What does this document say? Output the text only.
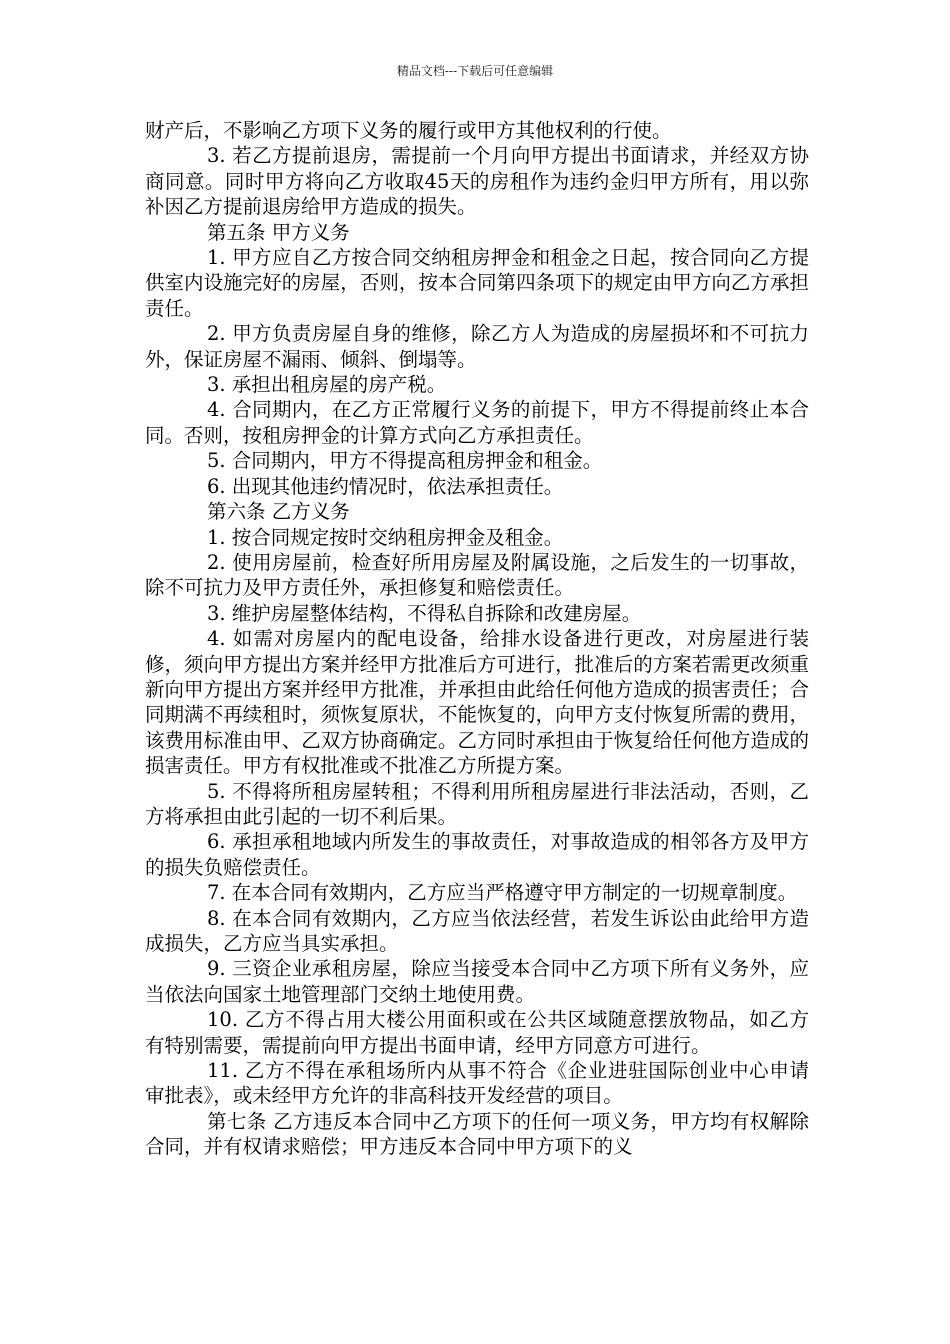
精品文档---下载后可任意编辑

财产后，不影响乙方项下义务的履行或甲方其他权利的行使。

3. 若乙方提前退房，需提前一个月向甲方提出书面请求，并经双方协商同意。同时甲方将向乙方收取45天的房租作为违约金归甲方所有，用以弥补因乙方提前退房给甲方造成的损失。

第五条 甲方义务

1. 甲方应自乙方按合同交纳租房押金和租金之日起，按合同向乙方提供室内设施完好的房屋，否则，按本合同第四条项下的规定由甲方向乙方承担责任。

2. 甲方负责房屋自身的维修，除乙方人为造成的房屋损坏和不可抗力外，保证房屋不漏雨、倾斜、倒塌等。

3. 承担出租房屋的房产税。

4. 合同期内，在乙方正常履行义务的前提下，甲方不得提前终止本合同。否则，按租房押金的计算方式向乙方承担责任。

5. 合同期内，甲方不得提高租房押金和租金。

6. 出现其他违约情况时，依法承担责任。

第六条 乙方义务

1. 按合同规定按时交纳租房押金及租金。

2. 使用房屋前，检查好所用房屋及附属设施，之后发生的一切事故，除不可抗力及甲方责任外，承担修复和赔偿责任。

3. 维护房屋整体结构，不得私自拆除和改建房屋。

4. 如需对房屋内的配电设备，给排水设备进行更改，对房屋进行装修，须向甲方提出方案并经甲方批准后方可进行，批准后的方案若需更改须重新向甲方提出方案并经甲方批准，并承担由此给任何他方造成的损害责任；合同期满不再续租时，须恢复原状，不能恢复的，向甲方支付恢复所需的费用，该费用标准由甲、乙双方协商确定。乙方同时承担由于恢复给任何他方造成的损害责任。甲方有权批准或不批准乙方所提方案。

5. 不得将所租房屋转租；不得利用所租房屋进行非法活动，否则，乙方将承担由此引起的一切不利后果。

6. 承担承租地域内所发生的事故责任，对事故造成的相邻各方及甲方的损失负赔偿责任。

7. 在本合同有效期内，乙方应当严格遵守甲方制定的一切规章制度。

8. 在本合同有效期内，乙方应当依法经营，若发生诉讼由此给甲方造成损失，乙方应当具实承担。

9. 三资企业承租房屋，除应当接受本合同中乙方项下所有义务外，应当依法向国家土地管理部门交纳土地使用费。

10. 乙方不得占用大楼公用面积或在公共区域随意摆放物品，如乙方有特别需要，需提前向甲方提出书面申请，经甲方同意方可进行。

11. 乙方不得在承租场所内从事不符合《企业进驻国际创业中心申请审批表》，或未经甲方允许的非高科技开发经营的项目。

第七条 乙方违反本合同中乙方项下的任何一项义务，甲方均有权解除合同，并有权请求赔偿；甲方违反本合同中甲方项下的义
